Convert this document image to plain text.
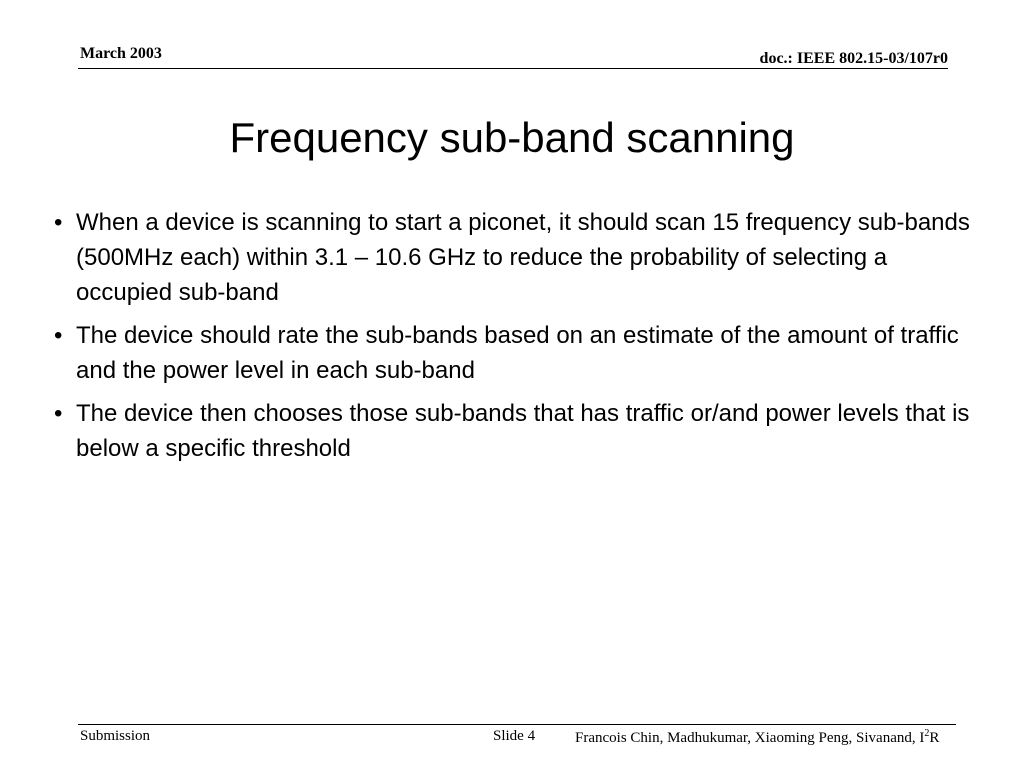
March 2003	doc.: IEEE 802.15-03/107r0
Frequency sub-band scanning
• When a device is scanning to start a piconet, it should scan 15 frequency sub-bands (500MHz each) within 3.1 – 10.6 GHz to reduce the probability of selecting a occupied sub-band
• The device should rate the sub-bands based on an estimate of the amount of traffic and the power level in each sub-band
• The device then chooses those sub-bands that has traffic or/and power levels that is below a specific threshold
Submission	Slide 4	Francois Chin, Madhukumar, Xiaoming Peng, Sivanand, $I^2R$
